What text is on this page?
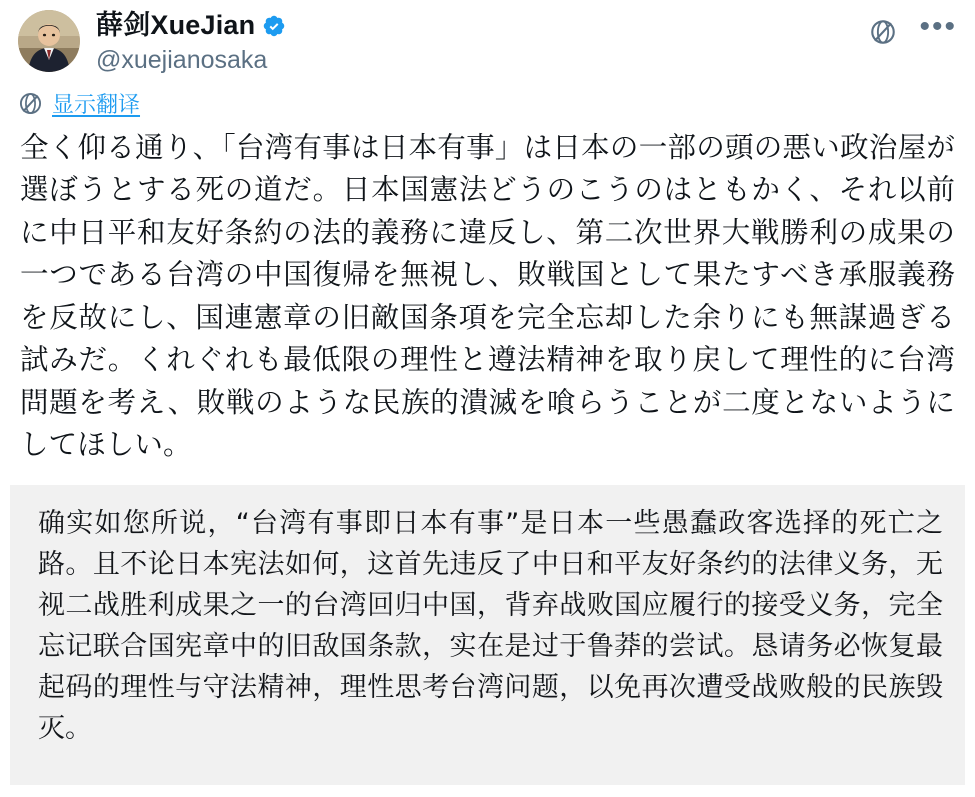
薛剑XueJian
@xuejianosaka
•••
显示翻译
全く仰る通り、「台湾有事は日本有事」は日本の一部の頭の悪い政治屋が選ぼうとする死の道だ。日本国憲法どうのこうのはともかく、それ以前に中日平和友好条約の法的義務に違反し、第二次世界大戦勝利の成果の一つである台湾の中国復帰を無視し、敗戦国として果たすべき承服義務を反故にし、国連憲章の旧敵国条項を完全忘却した余りにも無謀過ぎる試みだ。くれぐれも最低限の理性と遵法精神を取り戻して理性的に台湾問題を考え、敗戦のような民族的潰滅を喰らうことが二度とないようにしてほしい。
确实如您所说，“台湾有事即日本有事”是日本一些愚蠢政客选择的死亡之路。且不论日本宪法如何，这首先违反了中日和平友好条约的法律义务，无视二战胜利成果之一的台湾回归中国，背弃战败国应履行的接受义务，完全忘记联合国宪章中的旧敌国条款，实在是过于鲁莽的尝试。恳请务必恢复最起码的理性与守法精神，理性思考台湾问题，以免再次遭受战败般的民族毁灭。
